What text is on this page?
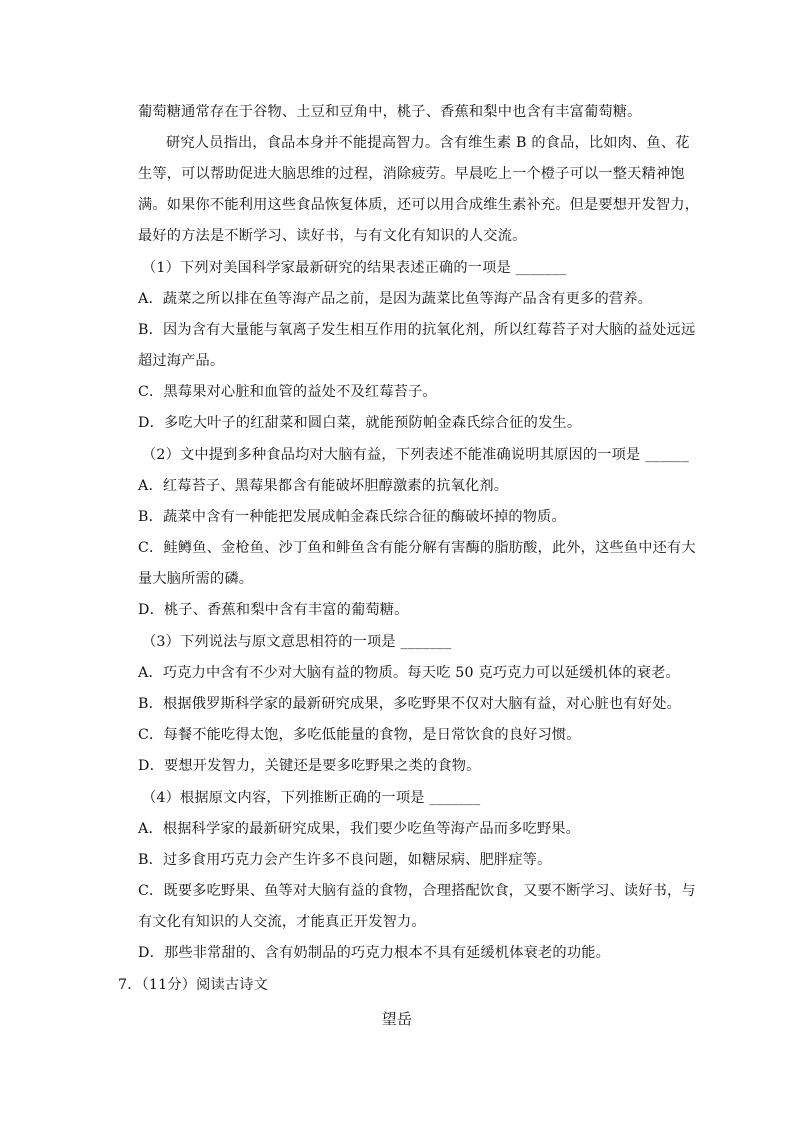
葡萄糖通常存在于谷物、土豆和豆角中，桃子、香蕉和梨中也含有丰富葡萄糖。
研究人员指出，食品本身并不能提高智力。含有维生素 B 的食品，比如肉、鱼、花
生等，可以帮助促进大脑思维的过程，消除疲劳。早晨吃上一个橙子可以一整天精神饱
满。如果你不能利用这些食品恢复体质，还可以用合成维生素补充。但是要想开发智力，
最好的方法是不断学习、读好书，与有文化有知识的人交流。
（1）下列对美国科学家最新研究的结果表述正确的一项是 _______
A．蔬菜之所以排在鱼等海产品之前，是因为蔬菜比鱼等海产品含有更多的营养。
B．因为含有大量能与氧离子发生相互作用的抗氧化剂，所以红莓苔子对大脑的益处远远
超过海产品。
C．黑莓果对心脏和血管的益处不及红莓苔子。
D．多吃大叶子的红甜菜和圆白菜，就能预防帕金森氏综合征的发生。
（2）文中提到多种食品均对大脑有益，下列表述不能准确说明其原因的一项是 ______
A．红莓苔子、黑莓果都含有能破坏胆醇激素的抗氧化剂。
B．蔬菜中含有一种能把发展成帕金森氏综合征的酶破坏掉的物质。
C．鲑鳟鱼、金枪鱼、沙丁鱼和鲱鱼含有能分解有害酶的脂肪酸，此外，这些鱼中还有大
量大脑所需的磷。
D．桃子、香蕉和梨中含有丰富的葡萄糖。
（3）下列说法与原文意思相符的一项是 _______
A．巧克力中含有不少对大脑有益的物质。每天吃 50 克巧克力可以延缓机体的衰老。
B．根据俄罗斯科学家的最新研究成果，多吃野果不仅对大脑有益，对心脏也有好处。
C．每餐不能吃得太饱，多吃低能量的食物，是日常饮食的良好习惯。
D．要想开发智力，关键还是要多吃野果之类的食物。
（4）根据原文内容，下列推断正确的一项是 _______
A．根据科学家的最新研究成果，我们要少吃鱼等海产品而多吃野果。
B．过多食用巧克力会产生许多不良问题，如糖尿病、肥胖症等。
C．既要多吃野果、鱼等对大脑有益的食物，合理搭配饮食，又要不断学习、读好书，与
有文化有知识的人交流，才能真正开发智力。
D．那些非常甜的、含有奶制品的巧克力根本不具有延缓机体衰老的功能。
7．（11分）阅读古诗文
望岳
